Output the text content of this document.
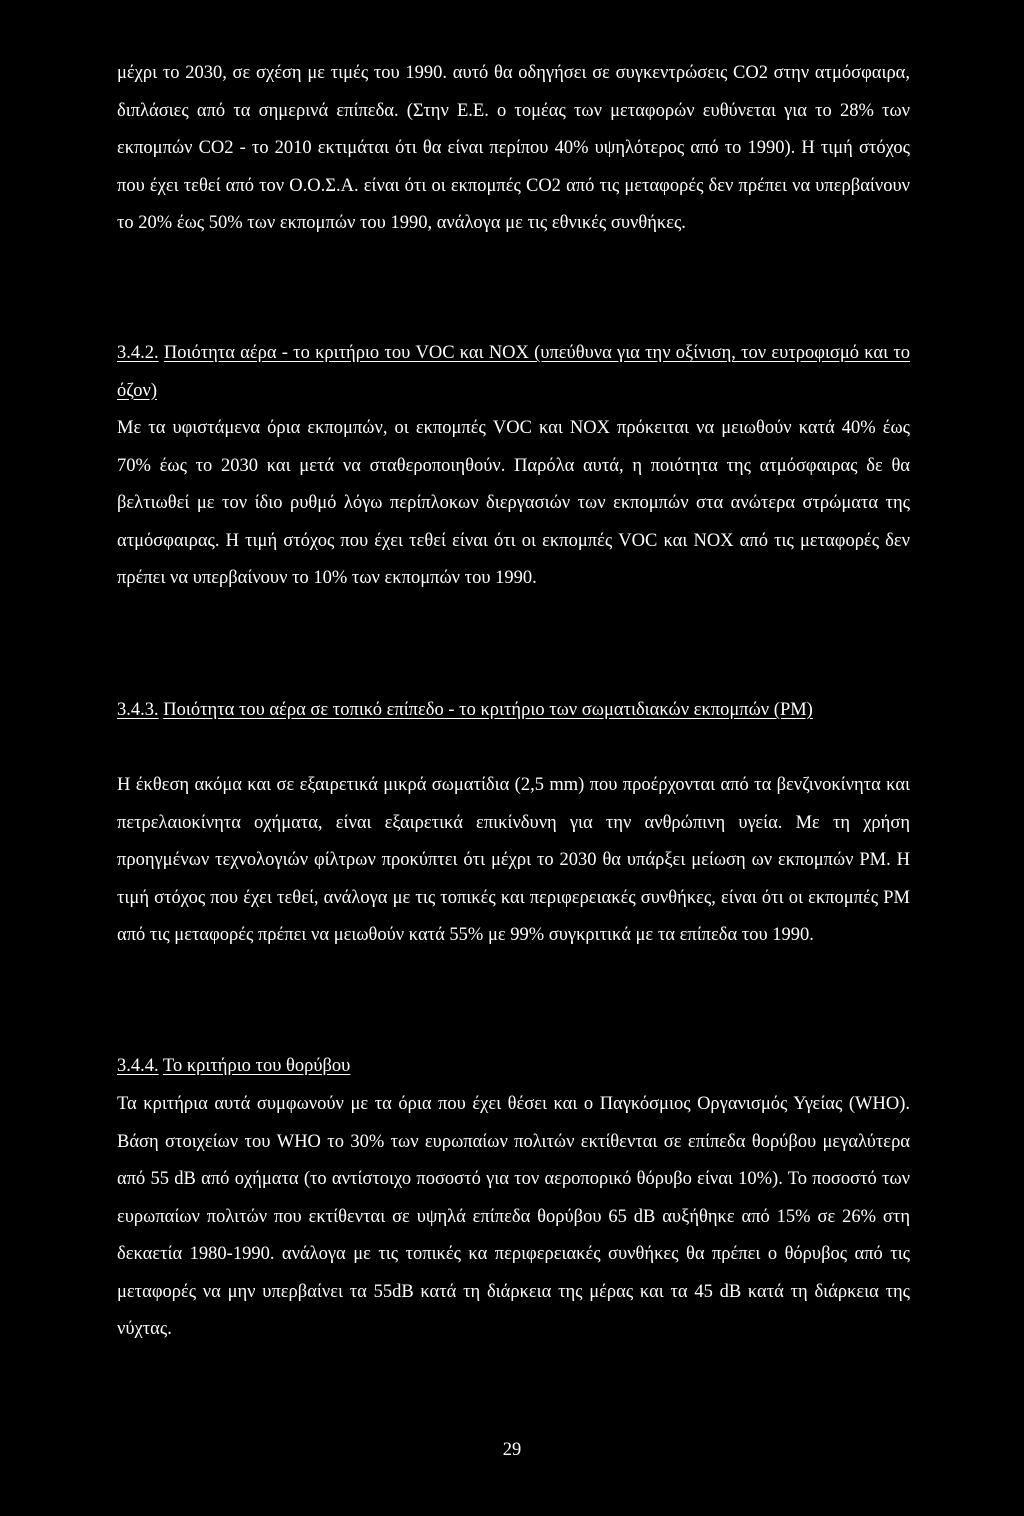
μέχρι το 2030, σε σχέση με τιμές του 1990. αυτό θα οδηγήσει σε συγκεντρώσεις CO2 στην ατμόσφαιρα, διπλάσιες από τα σημερινά επίπεδα. (Στην Ε.Ε. ο τομέας των μεταφορών ευθύνεται για το 28% των εκπομπών CO2 - το 2010 εκτιμάται ότι θα είναι περίπου 40% υψηλότερος από το 1990). Η τιμή στόχος που έχει τεθεί από τον Ο.Ο.Σ.Α. είναι ότι οι εκπομπές CO2 από τις μεταφορές δεν πρέπει να υπερβαίνουν το 20% έως 50% των εκπομπών του 1990, ανάλογα με τις εθνικές συνθήκες.

3.4.2. Ποιότητα αέρα - το κριτήριο του VOC και NOX (υπεύθυνα για την οξίνιση, τον ευτροφισμό και το όζον)

Με τα υφιστάμενα όρια εκπομπών, οι εκπομπές VOC και NOX πρόκειται να μειωθούν κατά 40% έως 70% έως το 2030 και μετά να σταθεροποιηθούν. Παρόλα αυτά, η ποιότητα της ατμόσφαιρας δε θα βελτιωθεί με τον ίδιο ρυθμό λόγω περίπλοκων διεργασιών των εκπομπών στα ανώτερα στρώματα της ατμόσφαιρας. Η τιμή στόχος που έχει τεθεί είναι ότι οι εκπομπές VOC και NOX από τις μεταφορές δεν πρέπει να υπερβαίνουν το 10% των εκπομπών του 1990.

3.4.3. Ποιότητα του αέρα σε τοπικό επίπεδο - το κριτήριο των σωματιδιακών εκπομπών (PM)

Η έκθεση ακόμα και σε εξαιρετικά μικρά σωματίδια (2,5 mm) που προέρχονται από τα βενζινοκίνητα και πετρελαιοκίνητα οχήματα, είναι εξαιρετικά επικίνδυνη για την ανθρώπινη υγεία. Με τη χρήση προηγμένων τεχνολογιών φίλτρων προκύπτει ότι μέχρι το 2030 θα υπάρξει μείωση ων εκπομπών PM. Η τιμή στόχος που έχει τεθεί, ανάλογα με τις τοπικές και περιφερειακές συνθήκες, είναι ότι οι εκπομπές PM από τις μεταφορές πρέπει να μειωθούν κατά 55% με 99% συγκριτικά με τα επίπεδα του 1990.

3.4.4. Το κριτήριο του θορύβου

Τα κριτήρια αυτά συμφωνούν με τα όρια που έχει θέσει και ο Παγκόσμιος Οργανισμός Υγείας (WHO). Βάση στοιχείων του WHO το 30% των ευρωπαίων πολιτών εκτίθενται σε επίπεδα θορύβου μεγαλύτερα από 55 dB από οχήματα (το αντίστοιχο ποσοστό για τον αεροπορικό θόρυβο είναι 10%). Το ποσοστό των ευρωπαίων πολιτών που εκτίθενται σε υψηλά επίπεδα θορύβου 65 dB αυξήθηκε από 15% σε 26% στη δεκαετία 1980-1990. ανάλογα με τις τοπικές κα περιφερειακές συνθήκες θα πρέπει ο θόρυβος από τις μεταφορές να μην υπερβαίνει τα 55dB κατά τη διάρκεια της μέρας και τα 45 dB κατά τη διάρκεια της νύχτας.

29
